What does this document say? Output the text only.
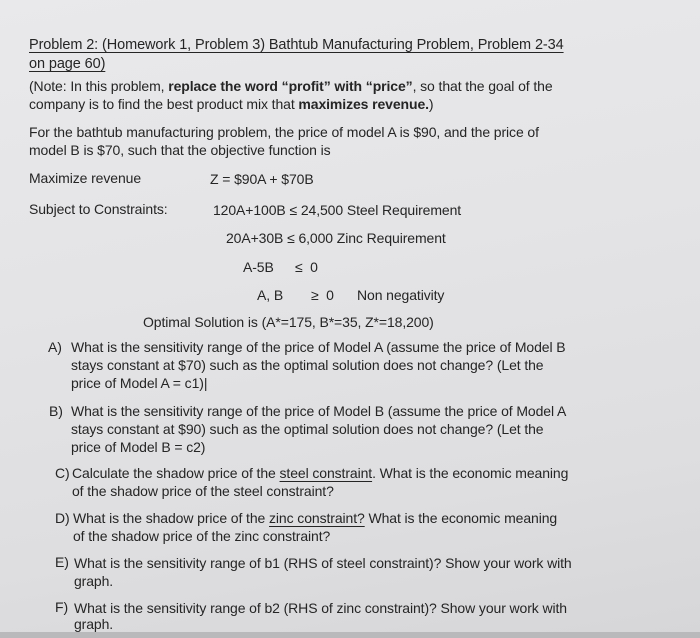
Problem 2: (Homework 1, Problem 3) Bathtub Manufacturing Problem, Problem 2-34
on page 60)
(Note: In this problem, replace the word “profit” with “price”, so that the goal of the
company is to find the best product mix that maximizes revenue.)
For the bathtub manufacturing problem, the price of model A is $90, and the price of
model B is $70, such that the objective function is
Maximize revenue	Z = $90A + $70B
Subject to Constraints:	120A+100B ≤ 24,500 Steel Requirement
20A+30B ≤ 6,000 Zinc Requirement
A-5B ≤  0
A, B ≥  0 Non negativity
Optimal Solution is (A*=175, B*=35, Z*=18,200)
A) What is the sensitivity range of the price of Model A (assume the price of Model B
stays constant at $70) such as the optimal solution does not change? (Let the
price of Model A = c1)|
B) What is the sensitivity range of the price of Model B (assume the price of Model A
stays constant at $90) such as the optimal solution does not change? (Let the
price of Model B = c2)
C) Calculate the shadow price of the steel constraint. What is the economic meaning
of the shadow price of the steel constraint?
D) What is the shadow price of the zinc constraint? What is the economic meaning
of the shadow price of the zinc constraint?
E) What is the sensitivity range of b1 (RHS of steel constraint)? Show your work with
graph.
F) What is the sensitivity range of b2 (RHS of zinc constraint)? Show your work with
graph.
